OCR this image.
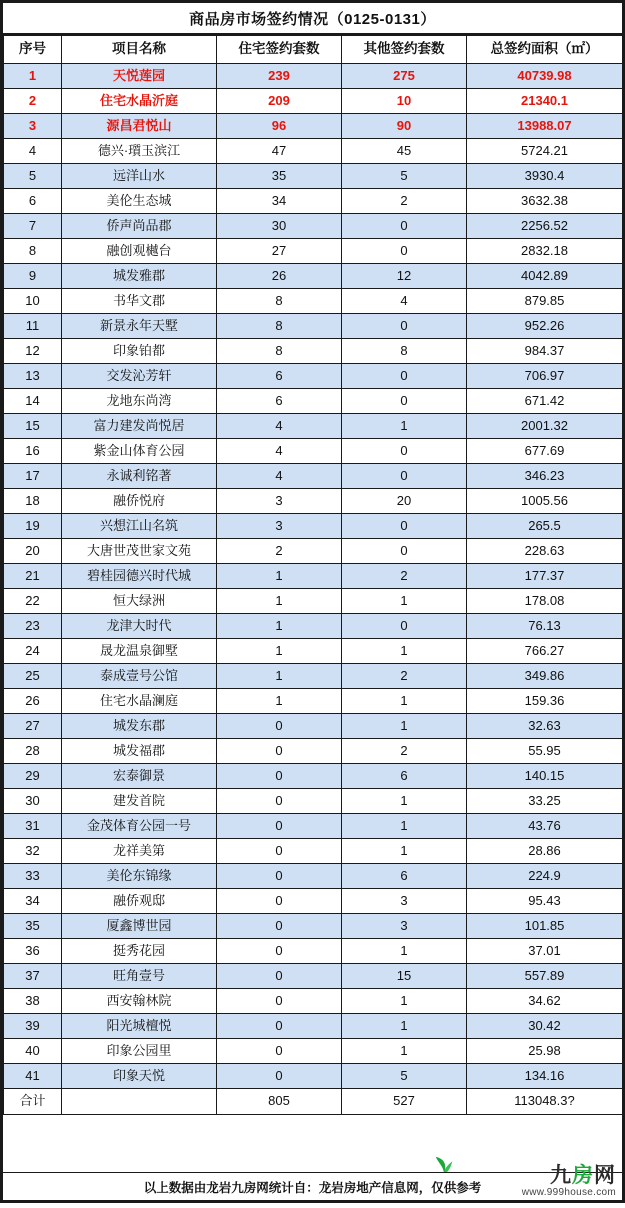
商品房市场签约情况（0125-0131）
序号	项目名称	住宅签约套数	其他签约套数	总签约面积（㎡）
1	天悦莲园	239	275	40739.98
2	住宅水晶沂庭	209	10	21340.1
3	源昌君悦山	96	90	13988.07
4	德兴·瓆玉滨江	47	45	5724.21
5	远洋山水	35	5	3930.4
6	美伦生态城	34	2	3632.38
7	侨声尚品郡	30	0	2256.52
8	融创观樾台	27	0	2832.18
9	城发雅郡	26	12	4042.89
10	书华文郡	8	4	879.85
11	新景永年天墅	8	0	952.26
12	印象铂都	8	8	984.37
13	交发沁芳轩	6	0	706.97
14	龙地东尚湾	6	0	671.42
15	富力建发尚悦居	4	1	2001.32
16	紫金山体育公园	4	0	677.69
17	永诚利铭著	4	0	346.23
18	融侨悦府	3	20	1005.56
19	兴想江山名筑	3	0	265.5
20	大唐世茂世家文苑	2	0	228.63
21	碧桂园德兴时代城	1	2	177.37
22	恒大绿洲	1	1	178.08
23	龙津大时代	1	0	76.13
24	晟龙温泉御墅	1	1	766.27
25	泰成壹号公馆	1	2	349.86
26	住宅水晶澜庭	1	1	159.36
27	城发东郡	0	1	32.63
28	城发福郡	0	2	55.95
29	宏泰御景	0	6	140.15
30	建发首院	0	1	33.25
31	金茂体育公园一号	0	1	43.76
32	龙祥美第	0	1	28.86
33	美伦东锦缘	0	6	224.9
34	融侨观邸	0	3	95.43
35	厦鑫博世园	0	3	101.85
36	挺秀花园	0	1	37.01
37	旺角壹号	0	15	557.89
38	西安翰林院	0	1	34.62
39	阳光城檀悦	0	1	30.42
40	印象公园里	0	1	25.98
41	印象天悦	0	5	134.16
合计		805	527	113048.3?
以上数据由龙岩九房网统计自：龙岩房地产信息网，仅供参考
九房网
www.999house.com
